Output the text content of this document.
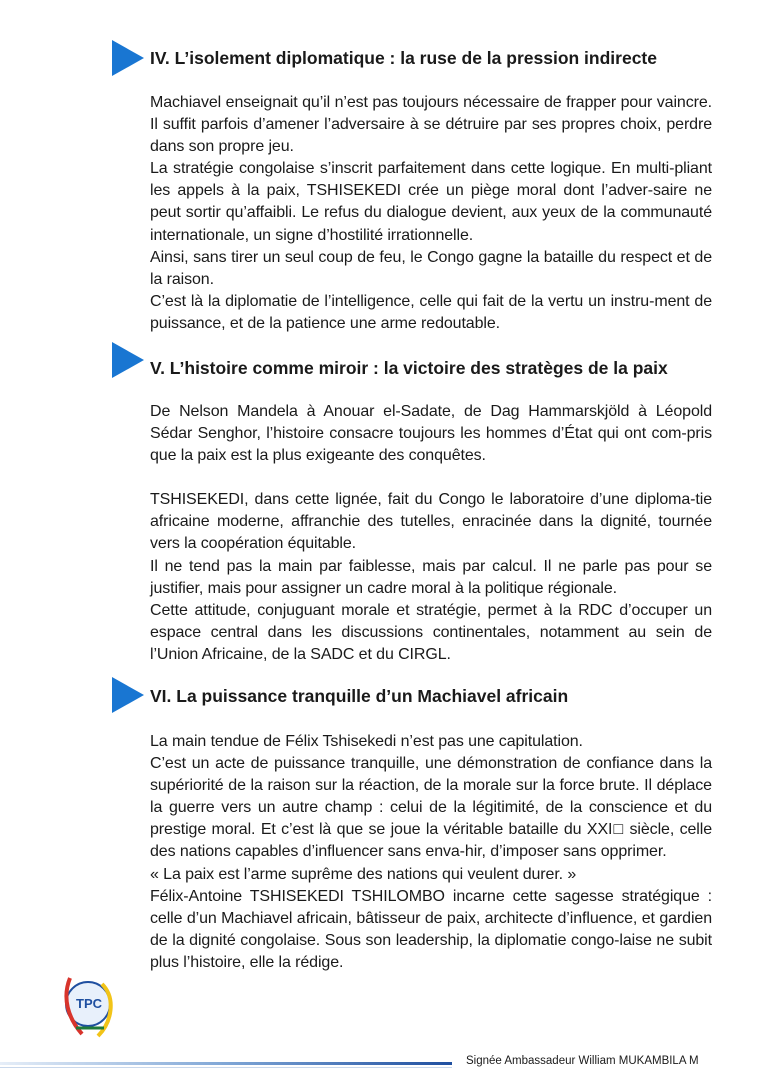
IV. L’isolement diplomatique : la ruse de la pression indirecte

Machiavel enseignait qu’il n’est pas toujours nécessaire de frapper pour vaincre. Il suffit parfois d’amener l’adversaire à se détruire par ses propres choix, perdre dans son propre jeu.

La stratégie congolaise s’inscrit parfaitement dans cette logique. En multi-pliant les appels à la paix, TSHISEKEDI crée un piège moral dont l’adver-saire ne peut sortir qu’affaibli. Le refus du dialogue devient, aux yeux de la communauté internationale, un signe d’hostilité irrationnelle.

Ainsi, sans tirer un seul coup de feu, le Congo gagne la bataille du respect et de la raison.

C’est là la diplomatie de l’intelligence, celle qui fait de la vertu un instru-ment de puissance, et de la patience une arme redoutable.

V. L’histoire comme miroir : la victoire des stratèges de la paix

De Nelson Mandela à Anouar el-Sadate, de Dag Hammarskjöld à Léopold Sédar Senghor, l’histoire consacre toujours les hommes d’État qui ont com-pris que la paix est la plus exigeante des conquêtes.

TSHISEKEDI, dans cette lignée, fait du Congo le laboratoire d’une diploma-tie africaine moderne, affranchie des tutelles, enracinée dans la dignité, tournée vers la coopération équitable.

Il ne tend pas la main par faiblesse, mais par calcul. Il ne parle pas pour se justifier, mais pour assigner un cadre moral à la politique régionale.

Cette attitude, conjuguant morale et stratégie, permet à la RDC d’occuper un espace central dans les discussions continentales, notamment au sein de l’Union Africaine, de la SADC et du CIRGL.

VI. La puissance tranquille d’un Machiavel africain

La main tendue de Félix Tshisekedi n’est pas une capitulation.

C’est un acte de puissance tranquille, une démonstration de confiance dans la supériorité de la raison sur la réaction, de la morale sur la force brute. Il déplace la guerre vers un autre champ : celui de la légitimité, de la conscience et du prestige moral. Et c’est là que se joue la véritable bataille du XXI□ siècle, celle des nations capables d’influencer sans enva-hir, d’imposer sans opprimer.

« La paix est l’arme suprême des nations qui veulent durer. »

Félix-Antoine TSHISEKEDI TSHILOMBO incarne cette sagesse stratégique : celle d’un Machiavel africain, bâtisseur de paix, architecte d’influence, et gardien de la dignité congolaise. Sous son leadership, la diplomatie congo-laise ne subit plus l’histoire, elle la rédige.

TPC
Signée Ambassadeur William MUKAMBILA M
